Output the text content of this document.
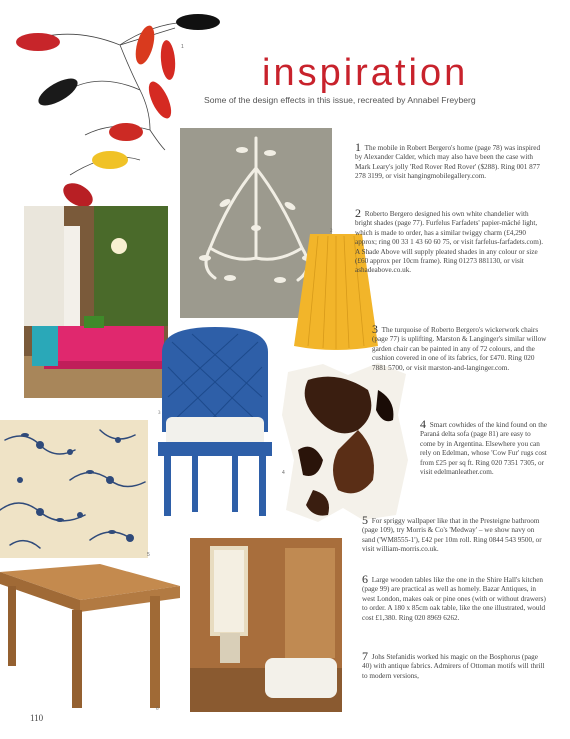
1
inspiration
Some of the design effects in this issue, recreated by Annabel Freyberg
2
3
5
6
1 The mobile in Robert Bergero's home (page 78) was inspired by Alexander Calder, which may also have been the case with Mark Leary's jolly 'Red Rover Red Rover' ($288). Ring 001 877 278 3199, or visit hangingmobilegallery.com.
2 Roberto Bergero designed his own white chandelier with bright shades (page 77). Furfelus Farfadets' papier-mâché light, which is made to order, has a similar twiggy charm (£4,290 approx; ring 00 33 1 43 60 60 75, or visit farfelus-farfadets.com). A Shade Above will supply pleated shades in any colour or size (£60 approx per 10cm frame). Ring 01273 881130, or visit ashadeabove.co.uk.
3 The turquoise of Roberto Bergero's wickerwork chairs (page 77) is uplifting. Marston & Langinger's similar willow garden chair can be painted in any of 72 colours, and the cushion covered in one of its fabrics, for £470. Ring 020 7881 5700, or visit marston-and-langinger.com.
4 Smart cowhides of the kind found on the Paraná delta sofa (page 81) are easy to come by in Argentina. Elsewhere you can rely on Edelman, whose 'Cow Fur' rugs cost from £25 per sq ft. Ring 020 7351 7305, or visit edelmanleather.com.
5 For spriggy wallpaper like that in the Presteigne bathroom (page 109), try Morris & Co's 'Medway' – we show navy on sand ('WM8555-1'), £42 per 10m roll. Ring 0844 543 9500, or visit william-morris.co.uk.
6 Large wooden tables like the one in the Shire Hall's kitchen (page 99) are practical as well as homely. Bazar Antiques, in west London, makes oak or pine ones (with or without drawers) to order. A 180 x 85cm oak table, like the one illustrated, would cost £1,380. Ring 020 8969 6262.
7 Johs Stefanidis worked his magic on the Bosphorus (page 40) with antique fabrics. Admirers of Ottoman motifs will thrill to modern versions,
4
110
